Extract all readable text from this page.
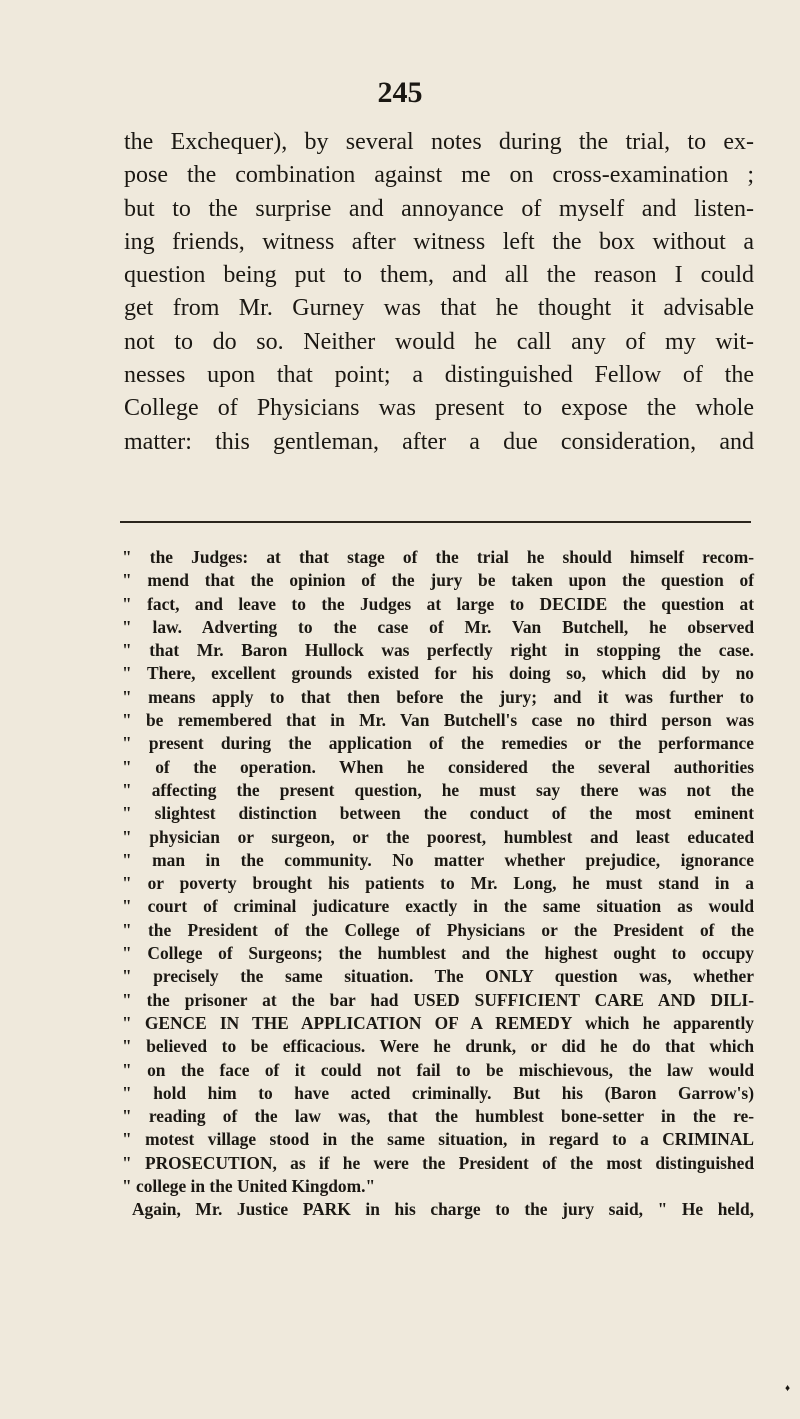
245
the Exchequer), by several notes during the trial, to ex-
pose the combination against me on cross-examination ;
but to the surprise and annoyance of myself and listen-
ing friends, witness after witness left the box without a
question being put to them, and all the reason I could
get from Mr. Gurney was that he thought it advisable
not to do so. Neither would he call any of my wit-
nesses upon that point; a distinguished Fellow of the
College of Physicians was present to expose the whole
matter: this gentleman, after a due consideration, and
" the Judges: at that stage of the trial he should himself recom-
" mend that the opinion of the jury be taken upon the question of
" fact, and leave to the Judges at large to DECIDE the question at
" law. Adverting to the case of Mr. Van Butchell, he observed
" that Mr. Baron Hullock was perfectly right in stopping the case.
" There, excellent grounds existed for his doing so, which did by no
" means apply to that then before the jury; and it was further to
" be remembered that in Mr. Van Butchell's case no third person was
" present during the application of the remedies or the performance
" of the operation. When he considered the several authorities
" affecting the present question, he must say there was not the
" slightest distinction between the conduct of the most eminent
" physician or surgeon, or the poorest, humblest and least educated
" man in the community. No matter whether prejudice, ignorance
" or poverty brought his patients to Mr. Long, he must stand in a
" court of criminal judicature exactly in the same situation as would
" the President of the College of Physicians or the President of the
" College of Surgeons; the humblest and the highest ought to occupy
" precisely the same situation. The ONLY question was, whether
" the prisoner at the bar had USED SUFFICIENT CARE AND DILI-
" GENCE IN THE APPLICATION OF A REMEDY which he apparently
" believed to be efficacious. Were he drunk, or did he do that which
" on the face of it could not fail to be mischievous, the law would
" hold him to have acted criminally. But his (Baron Garrow's)
" reading of the law was, that the humblest bone-setter in the re-
" motest village stood in the same situation, in regard to a CRIMINAL
" PROSECUTION, as if he were the President of the most distinguished
" college in the United Kingdom."
Again, Mr. Justice PARK in his charge to the jury said, " He held,
♦
